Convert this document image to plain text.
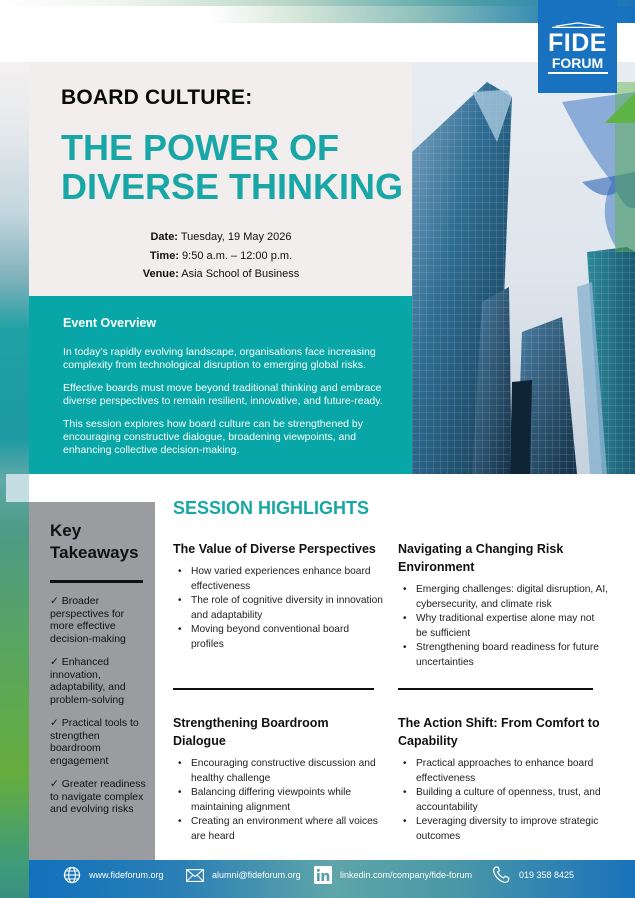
BOARD CULTURE:
THE POWER OF
DIVERSE THINKING
Date: Tuesday, 19 May 2026
Time: 9:50 a.m. – 12:00 p.m.
Venue: Asia School of Business
FIDE
FORUM
Event Overview

In today’s rapidly evolving landscape, organisations face increasing complexity from technological disruption to emerging global risks.

Effective boards must move beyond traditional thinking and embrace diverse perspectives to remain resilient, innovative, and future-ready.

This session explores how board culture can be strengthened by encouraging constructive dialogue, broadening viewpoints, and enhancing collective decision-making.

Key
Takeaways
✓ Broader perspectives for more effective decision-making
✓ Enhanced innovation, adaptability, and problem-solving
✓ Practical tools to strengthen boardroom engagement
✓ Greater readiness to navigate complex and evolving risks
SESSION HIGHLIGHTS
The Value of Diverse Perspectives
• How varied experiences enhance board effectiveness
• The role of cognitive diversity in innovation and adaptability
• Moving beyond conventional board profiles
Navigating a Changing Risk Environment
• Emerging challenges: digital disruption, AI, cybersecurity, and climate risk
• Why traditional expertise alone may not be sufficient
• Strengthening board readiness for future uncertainties
Strengthening Boardroom Dialogue
• Encouraging constructive discussion and healthy challenge
• Balancing differing viewpoints while maintaining alignment
• Creating an environment where all voices are heard
The Action Shift: From Comfort to Capability
• Practical approaches to enhance board effectiveness
• Building a culture of openness, trust, and accountability
• Leveraging diversity to improve strategic outcomes
www.fideforum.org	alumni@fideforum.org	linkedin.com/company/fide-forum	019 358 8425
